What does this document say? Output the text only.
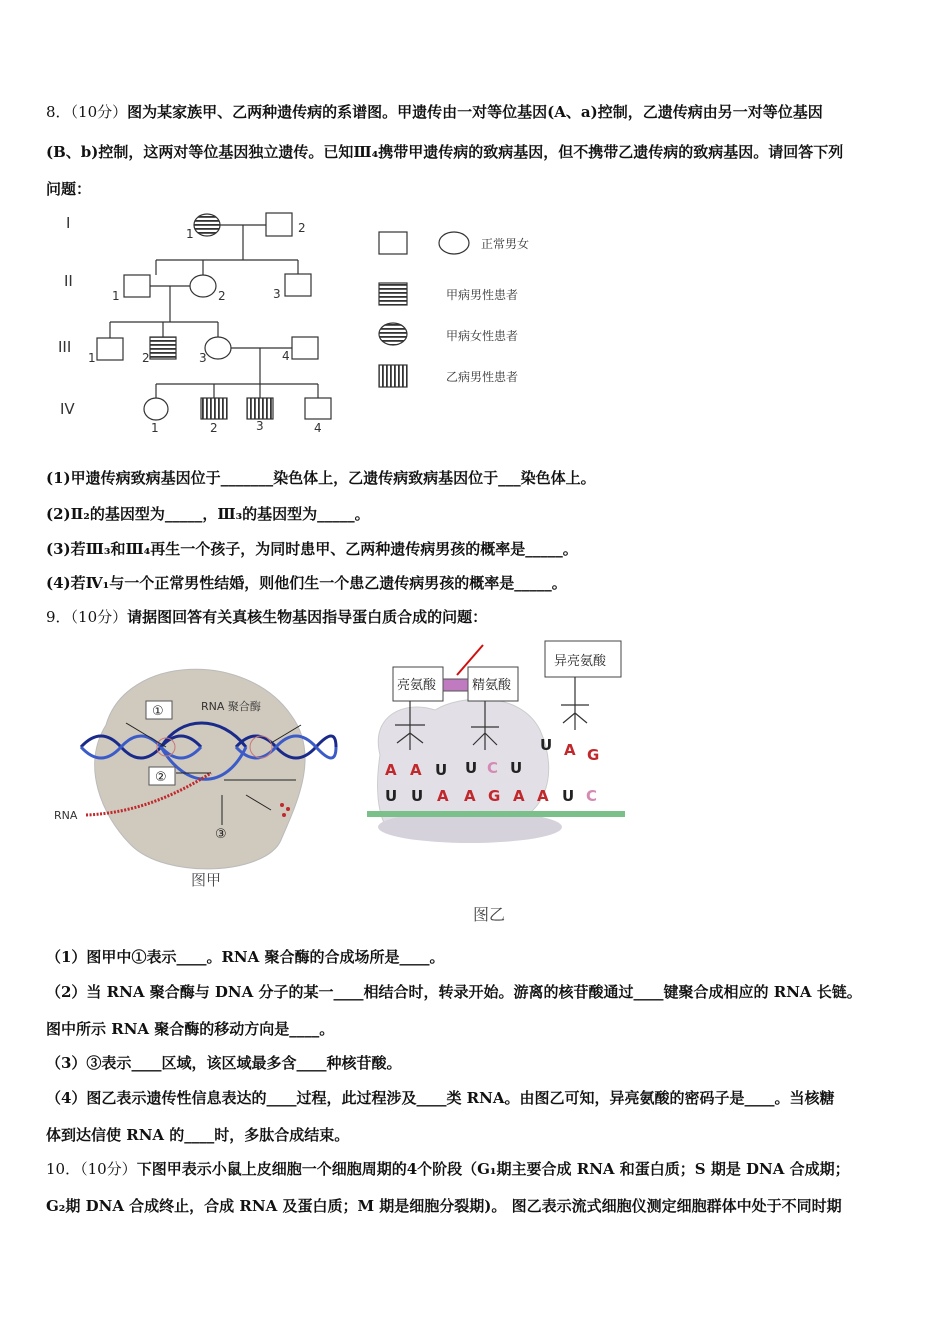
8．（10分）图为某家族甲、乙两种遗传病的系谱图。甲遗传由一对等位基因(A、a)控制，乙遗传病由另一对等位基因
(B、b)控制，这两对等位基因独立遗传。已知Ⅲ₄携带甲遗传病的致病基因，但不携带乙遗传病的致病基因。请回答下列
问题：
I
II
III
IV
1	2
1	2	3
1	2	3	4
1	2	3	4
正常男女
甲病男性患者
甲病女性患者
乙病男性患者
(1)甲遗传病致病基因位于_______染色体上，乙遗传病致病基因位于___染色体上。
(2)Ⅱ₂的基因型为_____，Ⅲ₃的基因型为_____。
(3)若Ⅲ₃和Ⅲ₄再生一个孩子，为同时患甲、乙两种遗传病男孩的概率是_____。
(4)若Ⅳ₁与一个正常男性结婚，则他们生一个患乙遗传病男孩的概率是_____。
9．（10分）请据图回答有关真核生物基因指导蛋白质合成的问题：
RNA 聚合酶
RNA
①
②
③
图甲
A A U U C U
U A G
U U A A G A A U C
亮氨酸	精氨酸
异亮氨酸
图乙
（1）图甲中①表示____。RNA 聚合酶的合成场所是____。
（2）当 RNA 聚合酶与 DNA 分子的某一____相结合时，转录开始。游离的核苷酸通过____键聚合成相应的 RNA 长链。
图中所示 RNA 聚合酶的移动方向是____。
（3）③表示____区域，该区域最多含____种核苷酸。
（4）图乙表示遗传性信息表达的____过程，此过程涉及____类 RNA。由图乙可知，异亮氨酸的密码子是____。当核糖
体到达信使 RNA 的____时，多肽合成结束。
10．（10分）下图甲表示小鼠上皮细胞一个细胞周期的4个阶段（G₁期主要合成 RNA 和蛋白质；S 期是 DNA 合成期；
G₂期 DNA 合成终止，合成 RNA 及蛋白质；M 期是细胞分裂期)。 图乙表示流式细胞仪测定细胞群体中处于不同时期
